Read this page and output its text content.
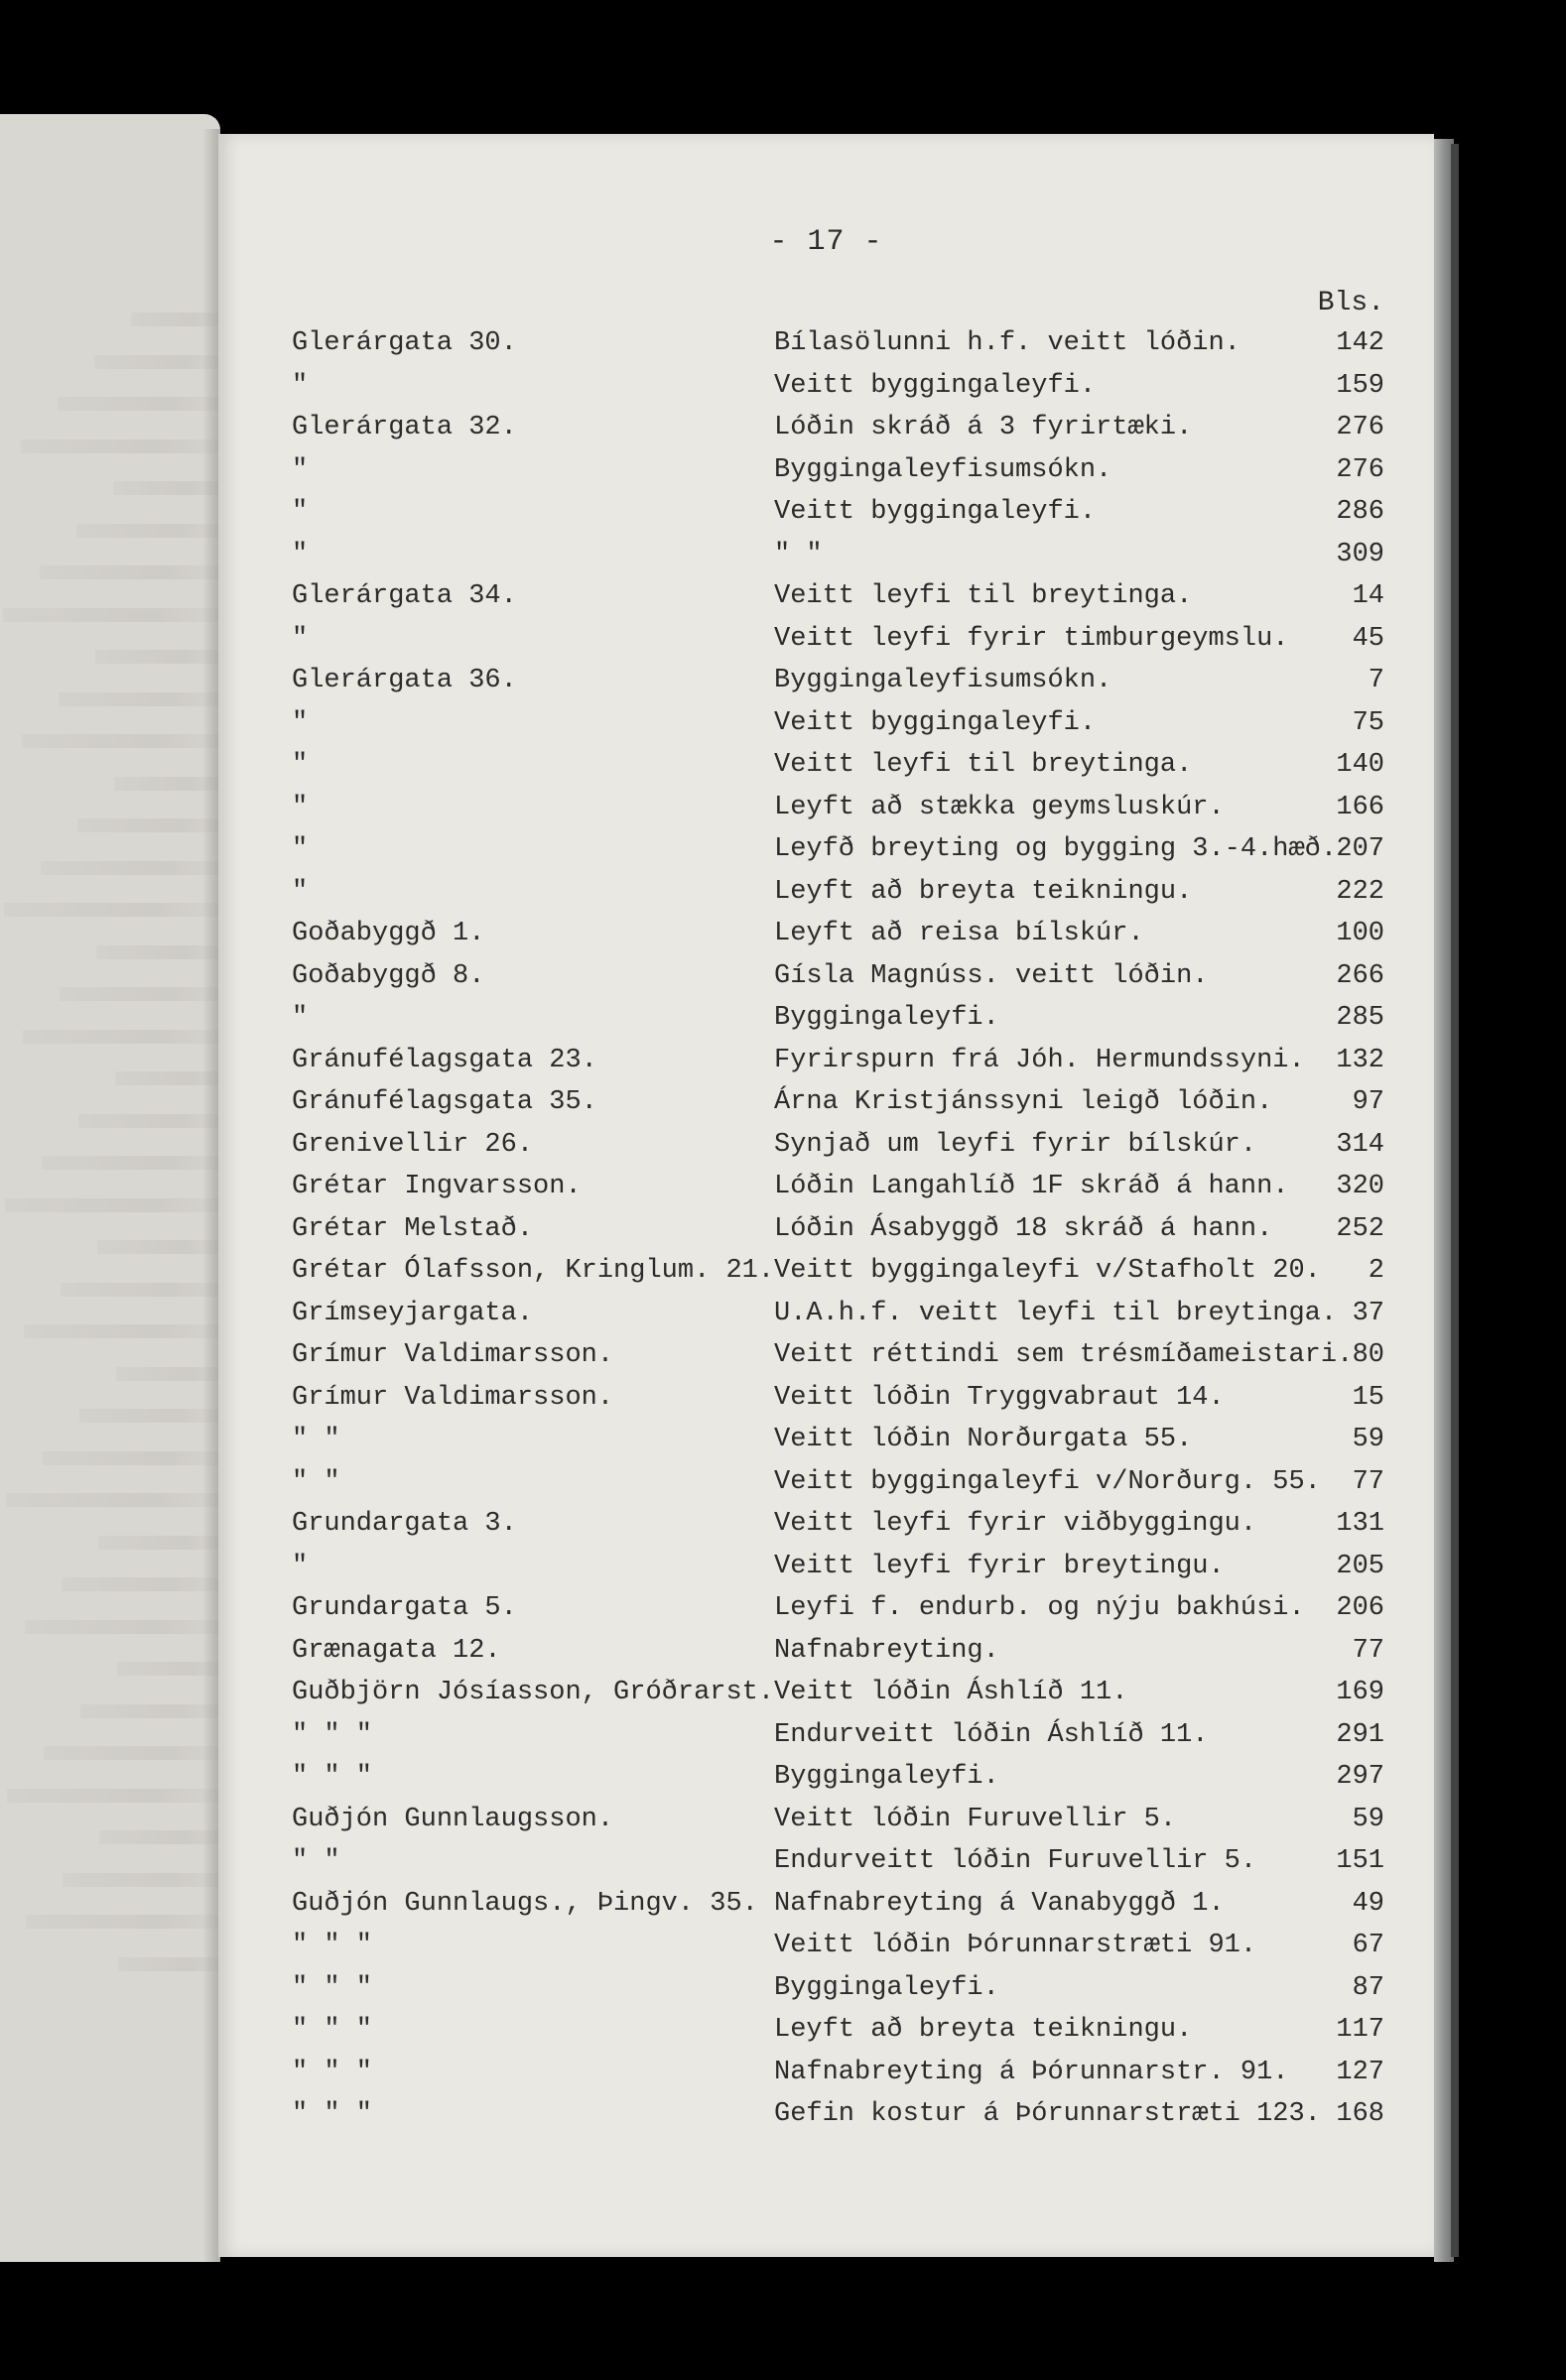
- 17 -
Bls.
Glerárgata 30.	Bílasölunni h.f. veitt lóðin.	142
"	Veitt byggingaleyfi.	159
Glerárgata 32.	Lóðin skráð á 3 fyrirtæki.	276
"	Byggingaleyfisumsókn.	276
"	Veitt byggingaleyfi.	286
"	" "	309
Glerárgata 34.	Veitt leyfi til breytinga.	14
"	Veitt leyfi fyrir timburgeymslu.	45
Glerárgata 36.	Byggingaleyfisumsókn.	7
"	Veitt byggingaleyfi.	75
"	Veitt leyfi til breytinga.	140
"	Leyft að stækka geymsluskúr.	166
"	Leyfð breyting og bygging 3.-4.hæð. 207
"	Leyft að breyta teikningu.	222
Goðabyggð 1.	Leyft að reisa bílskúr.	100
Goðabyggð 8.	Gísla Magnúss. veitt lóðin.	266
"	Byggingaleyfi.	285
Gránufélagsgata 23.	Fyrirspurn frá Jóh. Hermundssyni.	132
Gránufélagsgata 35.	Árna Kristjánssyni leigð lóðin.	97
Grenivellir 26.	Synjað um leyfi fyrir bílskúr.	314
Grétar Ingvarsson.	Lóðin Langahlíð 1F skráð á hann.	320
Grétar Melstað.	Lóðin Ásabyggð 18 skráð á hann.	252
Grétar Ólafsson, Kringlum. 21. Veitt byggingaleyfi v/Stafholt 20.	2
Grímseyjargata.	U.A.h.f. veitt leyfi til breytinga. 37
Grímur Valdimarsson.	Veitt réttindi sem trésmíðameistari. 80
Grímur Valdimarsson.	Veitt lóðin Tryggvabraut 14.	15
" "	Veitt lóðin Norðurgata 55.	59
" "	Veitt byggingaleyfi v/Norðurg. 55.	77
Grundargata 3.	Veitt leyfi fyrir viðbyggingu.	131
"	Veitt leyfi fyrir breytingu.	205
Grundargata 5.	Leyfi f. endurb. og nýju bakhúsi.	206
Grænagata 12.	Nafnabreyting.	77
Guðbjörn Jósíasson, Gróðrarst. Veitt lóðin Áshlíð 11.	169
" " "	Endurveitt lóðin Áshlíð 11.	291
" " "	Byggingaleyfi.	297
Guðjón Gunnlaugsson.	Veitt lóðin Furuvellir 5.	59
" "	Endurveitt lóðin Furuvellir 5.	151
Guðjón Gunnlaugs., Þingv. 35. Nafnabreyting á Vanabyggð 1.	49
" " "	Veitt lóðin Þórunnarstræti 91.	67
" " "	Byggingaleyfi.	87
" " "	Leyft að breyta teikningu.	117
" " "	Nafnabreyting á Þórunnarstr. 91.	127
" " "	Gefin kostur á Þórunnarstræti 123. 168
